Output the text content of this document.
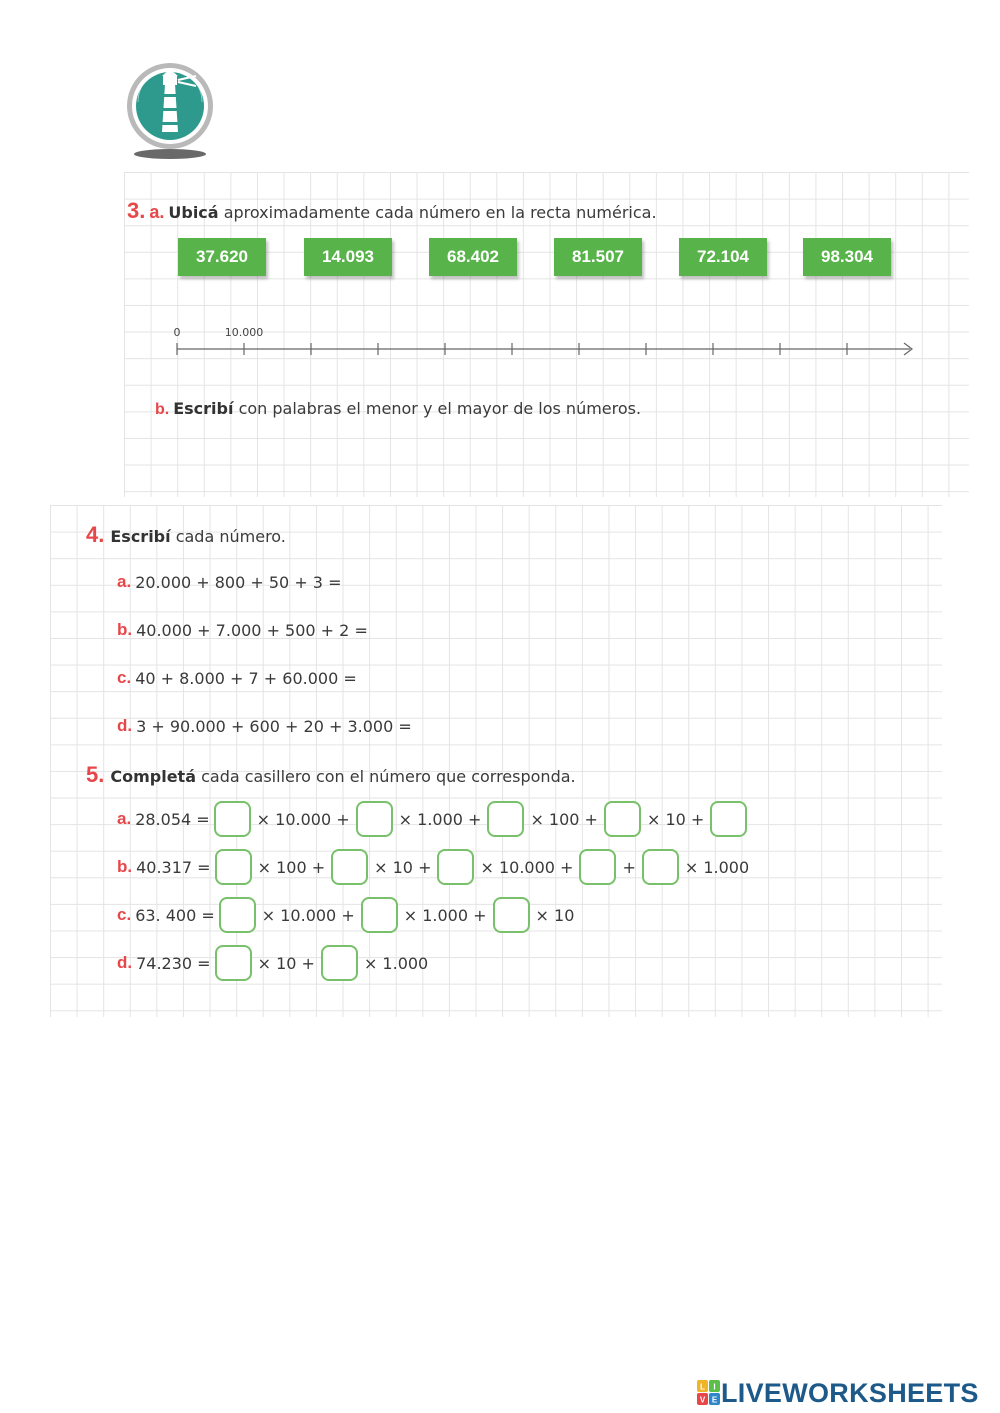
3. a. Ubicá aproximadamente cada número en la recta numérica.
37.620	14.093	68.402	81.507	72.104	98.304
0	10.000
b. Escribí con palabras el menor y el mayor de los números.
4. Escribí cada número.
a. 20.000 + 800 + 50 + 3 =
b. 40.000 + 7.000 + 500 + 2 =
c. 40 + 8.000 + 7 + 60.000 =
d. 3 + 90.000 + 600 + 20 + 3.000 =
5. Completá cada casillero con el número que corresponda.
a. 28.054 =	× 10.000 +	× 1.000 +	× 100 +	× 10 +
b. 40.317 =	× 100 +	× 10 +	× 10.000 +	+	× 1.000
c. 63. 400 =	× 10.000 +	× 1.000 +	× 10
d. 74.230 =	× 10 +	× 1.000
L I
V E LIVEWORKSHEETS
